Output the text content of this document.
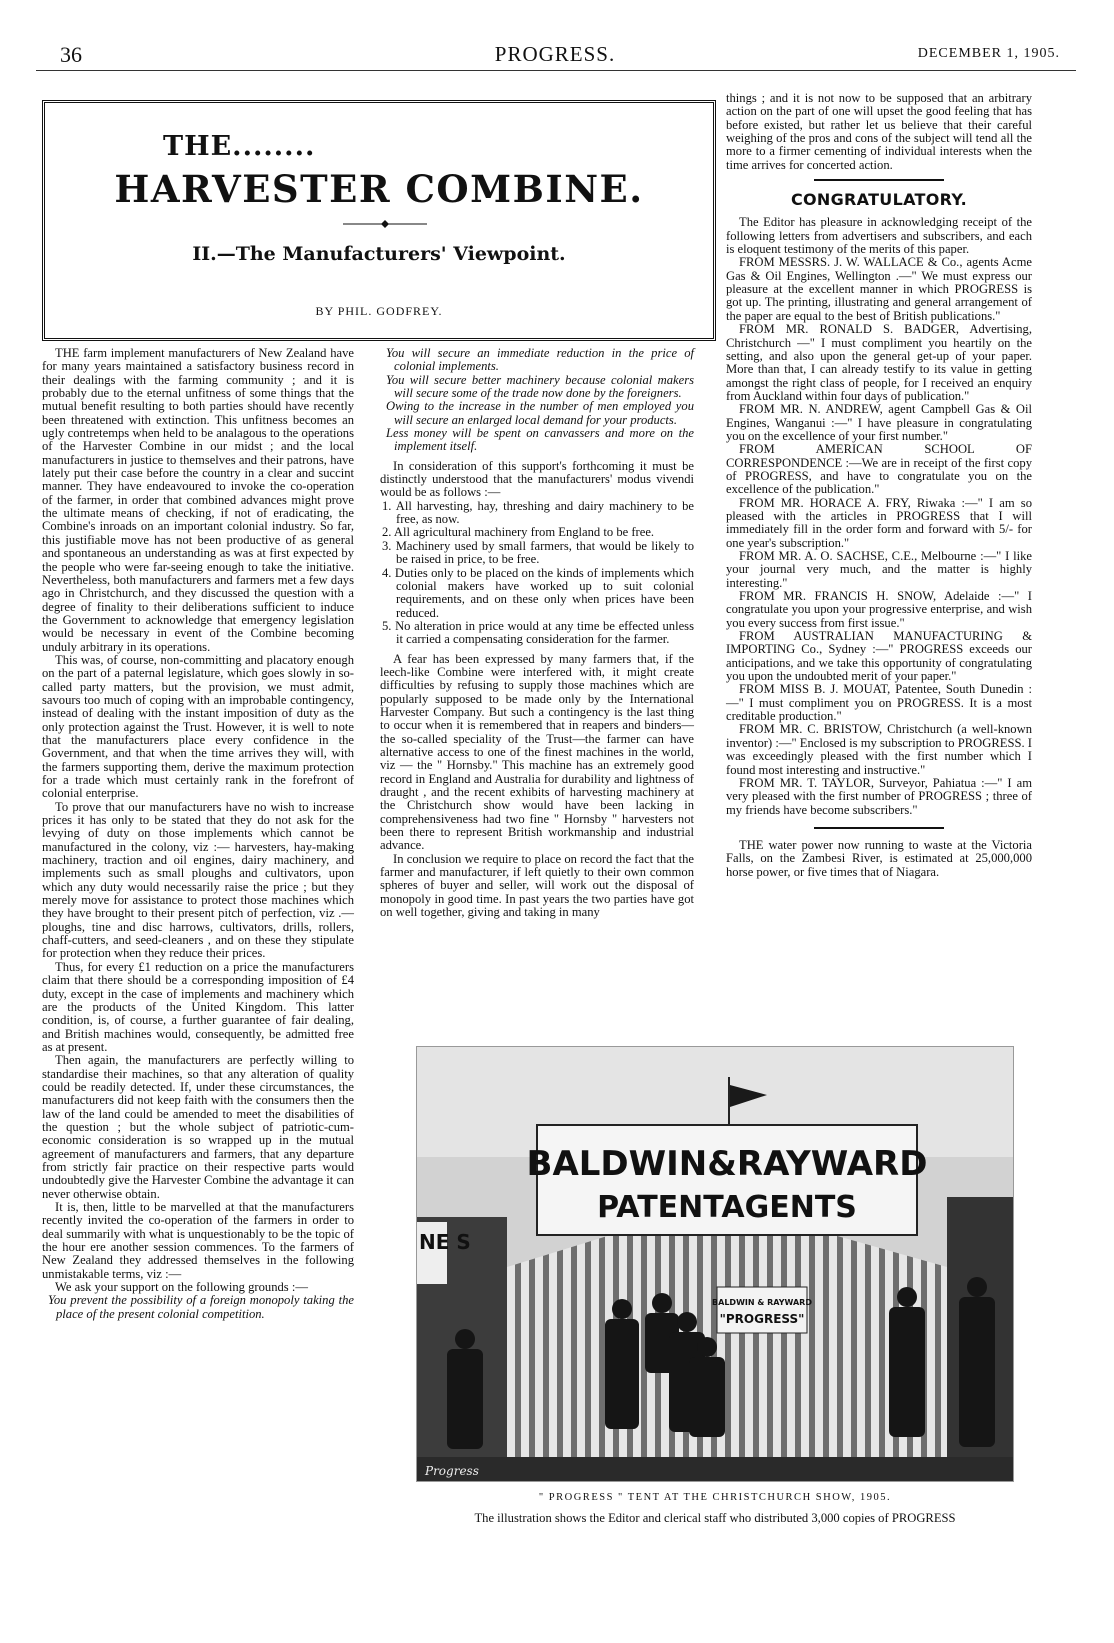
36	PROGRESS.	DECEMBER 1, 1905.
THE........
HARVESTER COMBINE.
II.—The Manufacturers' Viewpoint.
BY PHIL. GODFREY.

THE farm implement manufacturers of New Zealand have for many years maintained a satisfactory business record in their dealings with the farming community ; and it is probably due to the eternal unfitness of some things that the mutual benefit resulting to both parties should have recently been threatened with extinction. This unfitness becomes an ugly contretemps when held to be analagous to the operations of the Harvester Combine in our midst ; and the local manufacturers in justice to themselves and their patrons, have lately put their case before the country in a clear and succint manner. They have endeavoured to invoke the co-operation of the farmer, in order that combined advances might prove the ultimate means of checking, if not of eradicating, the Combine's inroads on an important colonial industry. So far, this justifiable move has not been productive of as general and spontaneous an understanding as was at first expected by the people who were far-seeing enough to take the initiative. Nevertheless, both manufacturers and farmers met a few days ago in Christchurch, and they discussed the question with a degree of finality to their deliberations sufficient to induce the Government to acknowledge that emergency legislation would be necessary in event of the Combine becoming unduly arbitrary in its operations.

This was, of course, non-committing and placatory enough on the part of a paternal legislature, which goes slowly in so-called party matters, but the provision, we must admit, savours too much of coping with an improbable contingency, instead of dealing with the instant imposition of duty as the only protection against the Trust. However, it is well to note that the manufacturers place every confidence in the Government, and that when the time arrives they will, with the farmers supporting them, derive the maximum protection for a trade which must certainly rank in the forefront of colonial enterprise.

To prove that our manufacturers have no wish to increase prices it has only to be stated that they do not ask for the levying of duty on those implements which cannot be manufactured in the colony, viz :— harvesters, hay-making machinery, traction and oil engines, dairy machinery, and implements such as small ploughs and cultivators, upon which any duty would necessarily raise the price ; but they merely move for assistance to protect those machines which they have brought to their present pitch of perfection, viz .— ploughs, tine and disc harrows, cultivators, drills, rollers, chaff-cutters, and seed-cleaners , and on these they stipulate for protection when they reduce their prices.

Thus, for every £1 reduction on a price the manufacturers claim that there should be a corresponding imposition of £4 duty, except in the case of implements and machinery which are the products of the United Kingdom. This latter condition, is, of course, a further guarantee of fair dealing, and British machines would, consequently, be admitted free as at present.

Then again, the manufacturers are perfectly willing to standardise their machines, so that any alteration of quality could be readily detected. If, under these circumstances, the manufacturers did not keep faith with the consumers then the law of the land could be amended to meet the disabilities of the question ; but the whole subject of patriotic-cum-economic consideration is so wrapped up in the mutual agreement of manufacturers and farmers, that any departure from strictly fair practice on their respective parts would undoubtedly give the Harvester Combine the advantage it can never otherwise obtain.

It is, then, little to be marvelled at that the manufacturers recently invited the co-operation of the farmers in order to deal summarily with what is unquestionably to be the topic of the hour ere another session commences. To the farmers of New Zealand they addressed themselves in the following unmistakable terms, viz :—

We ask your support on the following grounds :—

You prevent the possibility of a foreign monopoly taking the place of the present colonial competition.

You will secure an immediate reduction in the price of colonial implements.

You will secure better machinery because colonial makers will secure some of the trade now done by the foreigners.

Owing to the increase in the number of men employed you will secure an enlarged local demand for your products.

Less money will be spent on canvassers and more on the implement itself.

In consideration of this support's forthcoming it must be distinctly understood that the manufacturers' modus vivendi would be as follows :—

1. All harvesting, hay, threshing and dairy machinery to be free, as now.

2. All agricultural machinery from England to be free.

3. Machinery used by small farmers, that would be likely to be raised in price, to be free.

4. Duties only to be placed on the kinds of implements which colonial makers have worked up to suit colonial requirements, and on these only when prices have been reduced.

5. No alteration in price would at any time be effected unless it carried a compensating consideration for the farmer.

A fear has been expressed by many farmers that, if the leech-like Combine were interfered with, it might create difficulties by refusing to supply those machines which are popularly supposed to be made only by the International Harvester Company. But such a contingency is the last thing to occur when it is remembered that in reapers and binders—the so-called speciality of the Trust—the farmer can have alternative access to one of the finest machines in the world, viz — the " Hornsby." This machine has an extremely good record in England and Australia for durability and lightness of draught , and the recent exhibits of harvesting machinery at the Christchurch show would have been lacking in comprehensiveness had two fine " Hornsby " harvesters not been there to represent British workmanship and industrial advance.

In conclusion we require to place on record the fact that the farmer and manufacturer, if left quietly to their own common spheres of buyer and seller, will work out the disposal of monopoly in good time. In past years the two parties have got on well together, giving and taking in many

things ; and it is not now to be supposed that an arbitrary action on the part of one will upset the good feeling that has before existed, but rather let us believe that their careful weighing of the pros and cons of the subject will tend all the more to a firmer cementing of individual interests when the time arrives for concerted action.

CONGRATULATORY.

The Editor has pleasure in acknowledging receipt of the following letters from advertisers and subscribers, and each is eloquent testimony of the merits of this paper.

FROM MESSRS. J. W. WALLACE & Co., agents Acme Gas & Oil Engines, Wellington .—" We must express our pleasure at the excellent manner in which PROGRESS is got up. The printing, illustrating and general arrangement of the paper are equal to the best of British publications."

FROM MR. RONALD S. BADGER, Advertising, Christchurch —" I must compliment you heartily on the setting, and also upon the general get-up of your paper. More than that, I can already testify to its value in getting amongst the right class of people, for I received an enquiry from Auckland within four days of publication."

FROM MR. N. ANDREW, agent Campbell Gas & Oil Engines, Wanganui :—" I have pleasure in congratulating you on the excellence of your first number."

FROM AMERICAN SCHOOL OF CORRESPONDENCE :—We are in receipt of the first copy of PROGRESS, and have to congratulate you on the excellence of the publication."

FROM MR. HORACE A. FRY, Riwaka :—" I am so pleased with the articles in PROGRESS that I will immediately fill in the order form and forward with 5/- for one year's subscription."

FROM MR. A. O. SACHSE, C.E., Melbourne :—" I like your journal very much, and the matter is highly interesting."

FROM MR. FRANCIS H. SNOW, Adelaide :—" I congratulate you upon your progressive enterprise, and wish you every success from first issue."

FROM AUSTRALIAN MANUFACTURING & IMPORTING Co., Sydney :—" PROGRESS exceeds our anticipations, and we take this opportunity of congratulating you upon the undoubted merit of your paper."

FROM MISS B. J. MOUAT, Patentee, South Dunedin :—" I must compliment you on PROGRESS. It is a most creditable production."

FROM MR. C. BRISTOW, Christchurch (a well-known inventor) :—" Enclosed is my subscription to PROGRESS. I was exceedingly pleased with the first number which I found most interesting and instructive."

FROM MR. T. TAYLOR, Surveyor, Pahiatua :—" I am very pleased with the first number of PROGRESS ; three of my friends have become subscribers."

THE water power now running to waste at the Victoria Falls, on the Zambesi River, is estimated at 25,000,000 horse power, or five times that of Niagara.

BALDWIN&RAYWARD
PATENTAGENTS
NE S
BALDWIN & RAYWARD
"PROGRESS"
Progress
" PROGRESS " TENT AT THE CHRISTCHURCH SHOW, 1905.
The illustration shows the Editor and clerical staff who distributed 3,000 copies of PROGRESS
